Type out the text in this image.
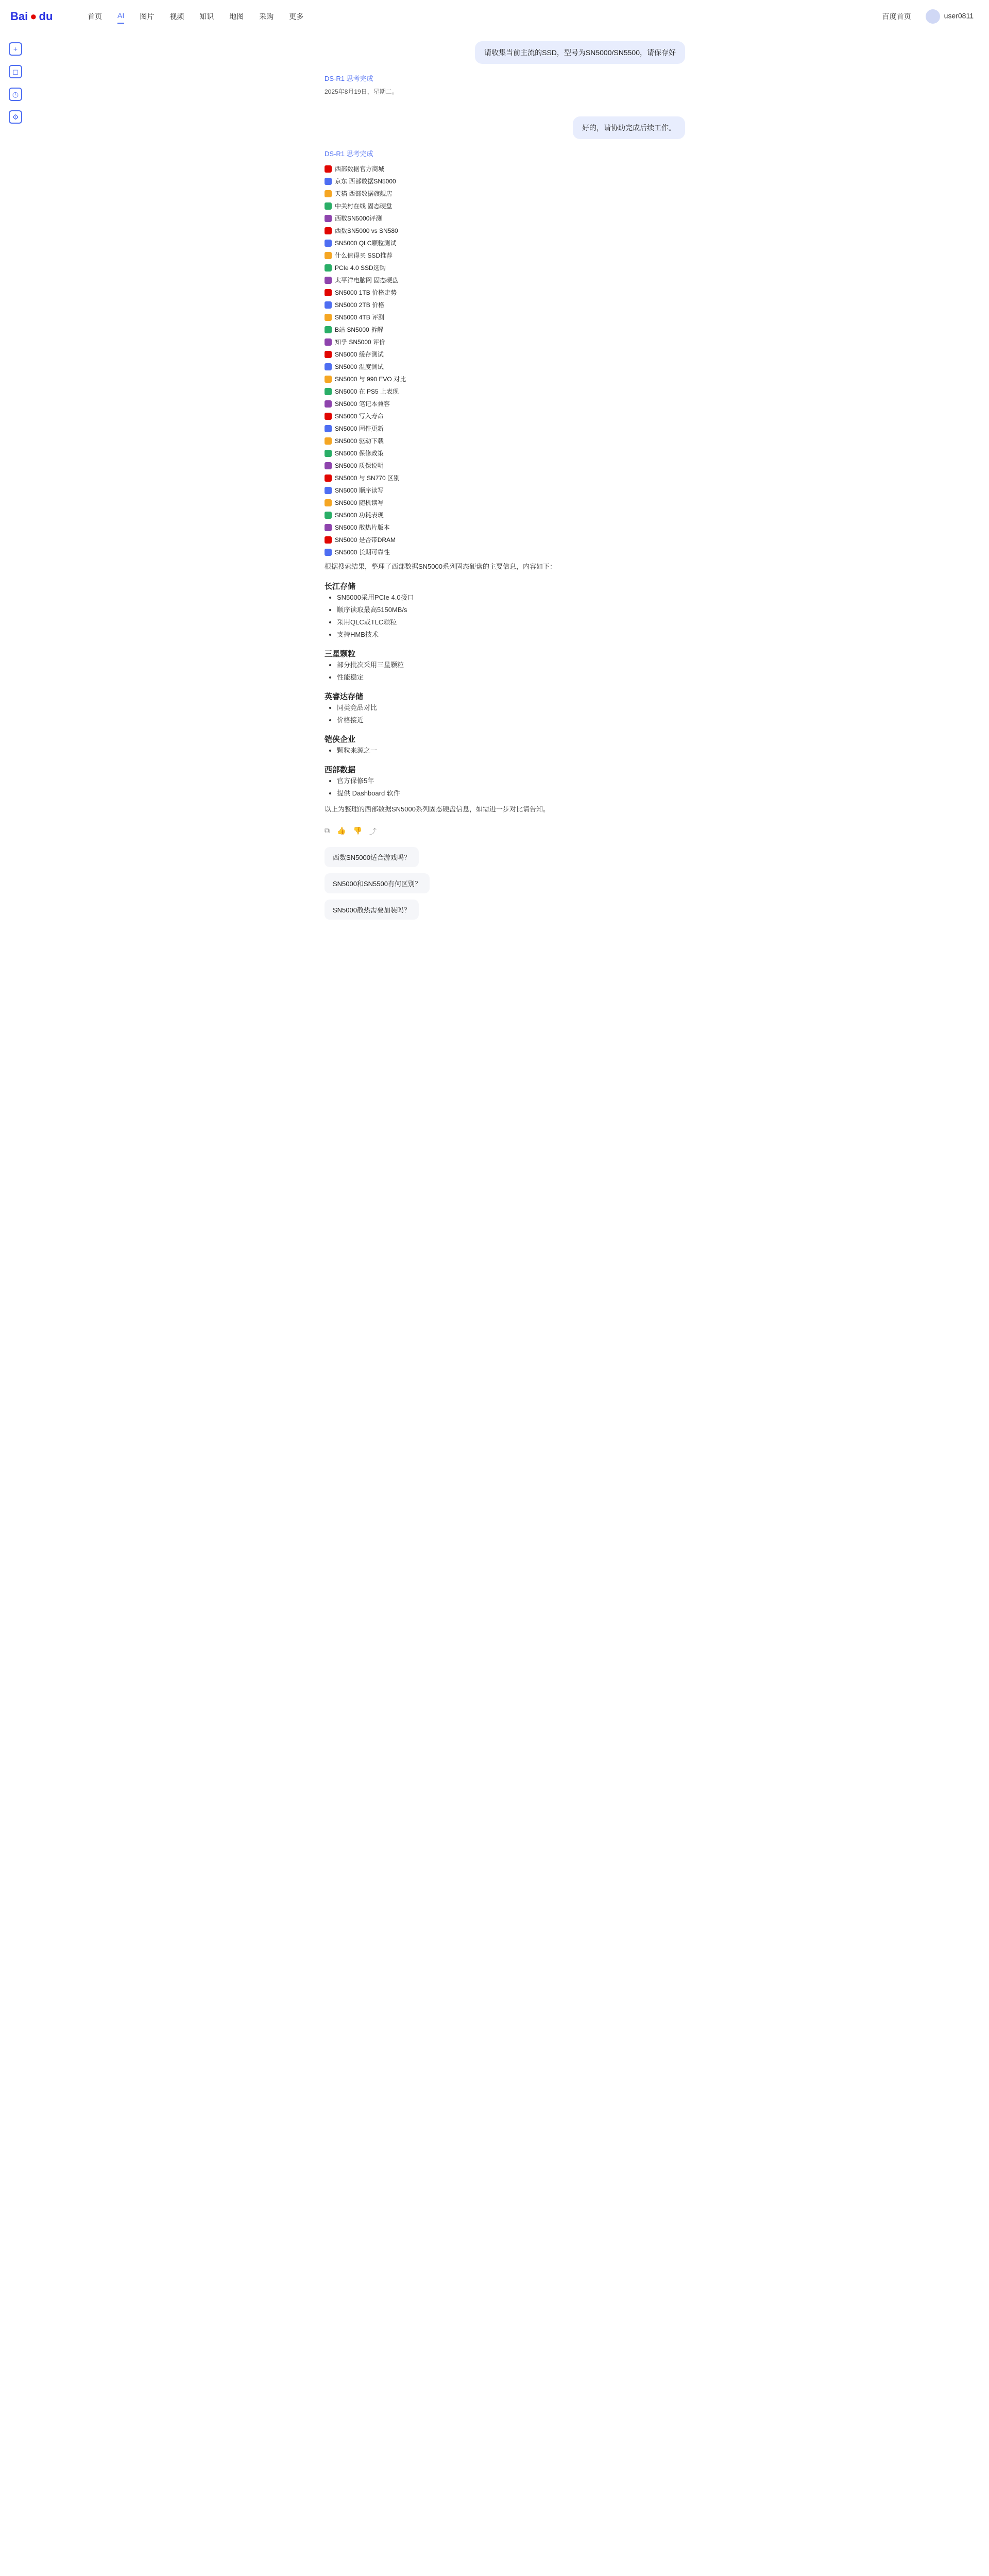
Bai ● du	首页 AI 图片 视频 知识 地图 采购 更多	百度首页	user0811
+
◻
◷
⚙
请收集当前主流的SSD，型号为SN5000/SN5500，请保存好
DS-R1 思考完成
2025年8月19日，星期二。
好的，请协助完成后续工作。
DS-R1 思考完成
西部数据官方商城
京东 西部数据SN5000
天猫 西部数据旗舰店
中关村在线 固态硬盘
西数SN5000评测
西数SN5000 vs SN580
SN5000 QLC颗粒测试
什么值得买 SSD推荐
PCIe 4.0 SSD选购
太平洋电脑网 固态硬盘
SN5000 1TB 价格走势
SN5000 2TB 价格
SN5000 4TB 评测
B站 SN5000 拆解
知乎 SN5000 评价
SN5000 缓存测试
SN5000 温度测试
SN5000 与 990 EVO 对比
SN5000 在 PS5 上表现
SN5000 笔记本兼容
SN5000 写入寿命
SN5000 固件更新
SN5000 驱动下载
SN5000 保修政策
SN5000 质保说明
SN5000 与 SN770 区别
SN5000 顺序读写
SN5000 随机读写
SN5000 功耗表现
SN5000 散热片版本
SN5000 是否带DRAM
SN5000 长期可靠性

根据搜索结果，整理了西部数据SN5000系列固态硬盘的主要信息，内容如下：

长江存储
• SN5000采用PCIe 4.0接口
• 顺序读取最高5150MB/s
• 采用QLC或TLC颗粒
• 支持HMB技术
三星颗粒
• 部分批次采用三星颗粒
• 性能稳定
英睿达存储
• 同类竞品对比
• 价格接近
铠侠企业
• 颗粒来源之一
西部数据
• 官方保修5年
• 提供 Dashboard 软件

以上为整理的西部数据SN5000系列固态硬盘信息，如需进一步对比请告知。

⧉ 👍 👎 ⤴
西数SN5000适合游戏吗？
SN5000和SN5500有何区别？
SN5000散热需要加装吗？
